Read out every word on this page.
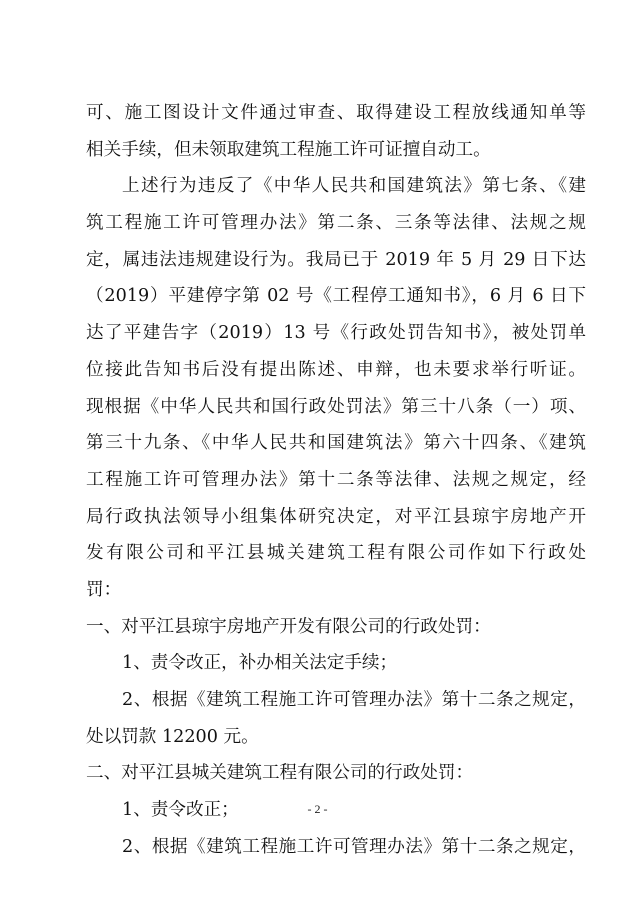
可、施工图设计文件通过审查、取得建设工程放线通知单等
相关手续，但未领取建筑工程施工许可证擅自动工。
上述行为违反了《中华人民共和国建筑法》第七条、《建
筑工程施工许可管理办法》第二条、三条等法律、法规之规
定，属违法违规建设行为。我局已于 2019 年 5 月 29 日下达
（2019）平建停字第 02 号《工程停工通知书》，6 月 6 日下
达了平建告字（2019）13 号《行政处罚告知书》，被处罚单
位接此告知书后没有提出陈述、申辩，也未要求举行听证。
现根据《中华人民共和国行政处罚法》第三十八条（一）项、
第三十九条、《中华人民共和国建筑法》第六十四条、《建筑
工程施工许可管理办法》第十二条等法律、法规之规定，经
局行政执法领导小组集体研究决定，对平江县琼宇房地产开
发有限公司和平江县城关建筑工程有限公司作如下行政处
罚：
一、对平江县琼宇房地产开发有限公司的行政处罚：
1、责令改正，补办相关法定手续；
2、根据《建筑工程施工许可管理办法》第十二条之规定，
处以罚款 12200 元。
二、对平江县城关建筑工程有限公司的行政处罚：
1、责令改正；
2、根据《建筑工程施工许可管理办法》第十二条之规定，
- 2 -
